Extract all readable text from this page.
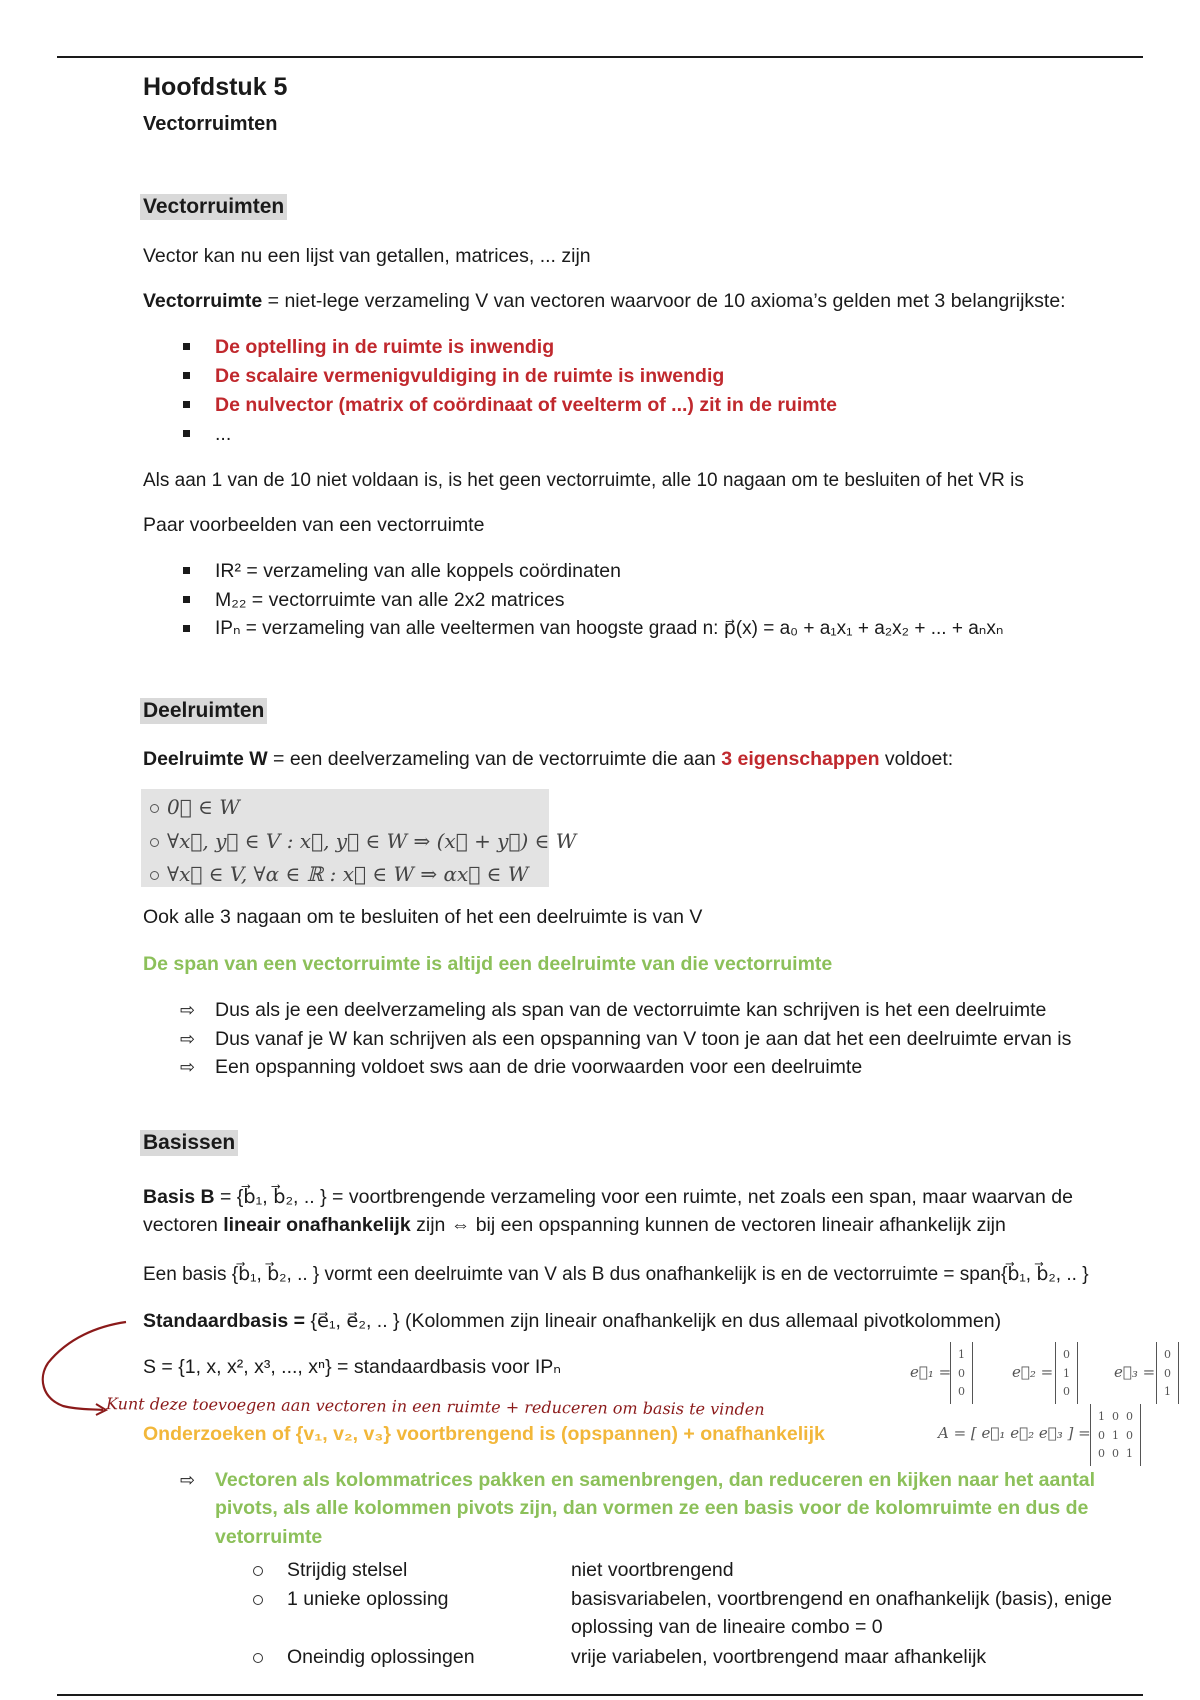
Hoofdstuk 5
Vectorruimten
Vectorruimten
Vector kan nu een lijst van getallen, matrices, ... zijn
Vectorruimte = niet-lege verzameling V van vectoren waarvoor de 10 axioma’s gelden met 3 belangrijkste:
De optelling in de ruimte is inwendig
De scalaire vermenigvuldiging in de ruimte is inwendig
De nulvector (matrix of coördinaat of veelterm of ...) zit in de ruimte
...
Als aan 1 van de 10 niet voldaan is, is het geen vectorruimte, alle 10 nagaan om te besluiten of het VR is
Paar voorbeelden van een vectorruimte
IR² = verzameling van alle koppels coördinaten
M₂₂ = vectorruimte van alle 2x2 matrices
IPₙ = verzameling van alle veeltermen van hoogste graad n: p⃗(x) = a₀ + a₁x₁ + a₂x₂ + ... + aₙxₙ
Deelruimten
Deelruimte W = een deelverzameling van de vectorruimte die aan 3 eigenschappen voldoet:
0⃗ ∈ W
∀x⃗, y⃗ ∈ V : x⃗, y⃗ ∈ W ⇒ (x⃗ + y⃗) ∈ W
∀x⃗ ∈ V, ∀α ∈ ℝ : x⃗ ∈ W ⇒ αx⃗ ∈ W
Ook alle 3 nagaan om te besluiten of het een deelruimte is van V
De span van een vectorruimte is altijd een deelruimte van die vectorruimte
⇨ Dus als je een deelverzameling als span van de vectorruimte kan schrijven is het een deelruimte
⇨ Dus vanaf je W kan schrijven als een opspanning van V toon je aan dat het een deelruimte ervan is
⇨ Een opspanning voldoet sws aan de drie voorwaarden voor een deelruimte
Basissen
Basis B = {b⃗₁, b⃗₂, .. } = voortbrengende verzameling voor een ruimte, net zoals een span, maar waarvan de
vectoren lineair onafhankelijk zijn ⇔ bij een opspanning kunnen de vectoren lineair afhankelijk zijn
Een basis {b⃗₁, b⃗₂, .. } vormt een deelruimte van V als B dus onafhankelijk is en de vectorruimte = span{b⃗₁, b⃗₂, .. }
Standaardbasis = {e⃗₁, e⃗₂, .. } (Kolommen zijn lineair onafhankelijk en dus allemaal pivotkolommen)
S = {1, x, x², x³, ..., xⁿ} = standaardbasis voor IPₙ
Kunt deze toevoegen aan vectoren in een ruimte + reduceren om basis te vinden
Onderzoeken of {v₁, v₂, v₃} voortbrengend is (opspannen) + onafhankelijk
e⃗₁ =
1
0
0
e⃗₂ =
0
1
0
e⃗₃ =
0
0
1
A = [ e⃗₁ e⃗₂ e⃗₃ ] =
1  0  0
0  1  0
0  0  1
⇨ Vectoren als kolommatrices pakken en samenbrengen, dan reduceren en kijken naar het aantal
pivots, als alle kolommen pivots zijn, dan vormen ze een basis voor de kolomruimte en dus de
vetorruimte
Strijdig stelsel	niet voortbrengend
1 unieke oplossing	basisvariabelen, voortbrengend en onafhankelijk (basis), enige
oplossing van de lineaire combo = 0
Oneindig oplossingen	vrije variabelen, voortbrengend maar afhankelijk
